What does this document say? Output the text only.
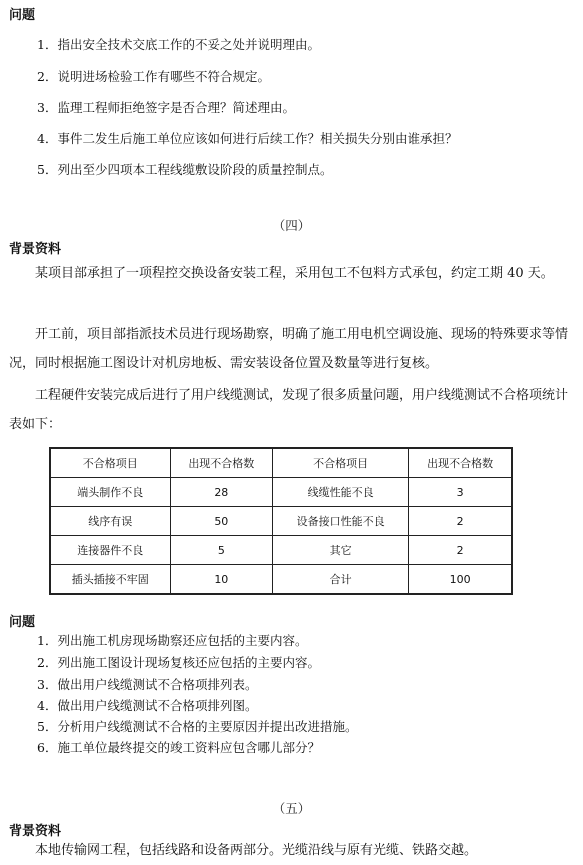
问题
1．指出安全技术交底工作的不妥之处并说明理由。
2．说明进场检验工作有哪些不符合规定。
3．监理工程师拒绝签字是否合理？简述理由。
4．事件二发生后施工单位应该如何进行后续工作？相关损失分别由谁承担？
5．列出至少四项本工程线缆敷设阶段的质量控制点。
（四）
背景资料
某项目部承担了一项程控交换设备安装工程，采用包工不包料方式承包，约定工期 40 天。
开工前，项目部指派技术员进行现场勘察，明确了施工用电机空调设施、现场的特殊要求等情况，同时根据施工图设计对机房地板、需安装设备位置及数量等进行复核。
工程硬件安装完成后进行了用户线缆测试，发现了很多质量问题，用户线缆测试不合格项统计表如下：
不合格项目	出现不合格数	不合格项目	出现不合格数
端头制作不良	28	线缆性能不良	3
线序有误	50	设备接口性能不良	2
连接器件不良	5	其它	2
插头插接不牢固	10	合计	100
问题
1．列出施工机房现场勘察还应包括的主要内容。
2．列出施工图设计现场复核还应包括的主要内容。
3．做出用户线缆测试不合格项排列表。
4．做出用户线缆测试不合格项排列图。
5．分析用户线缆测试不合格的主要原因并提出改进措施。
6．施工单位最终提交的竣工资料应包含哪儿部分？
（五）
背景资料
本地传输网工程，包括线路和设备两部分。光缆沿线与原有光缆、铁路交越。
